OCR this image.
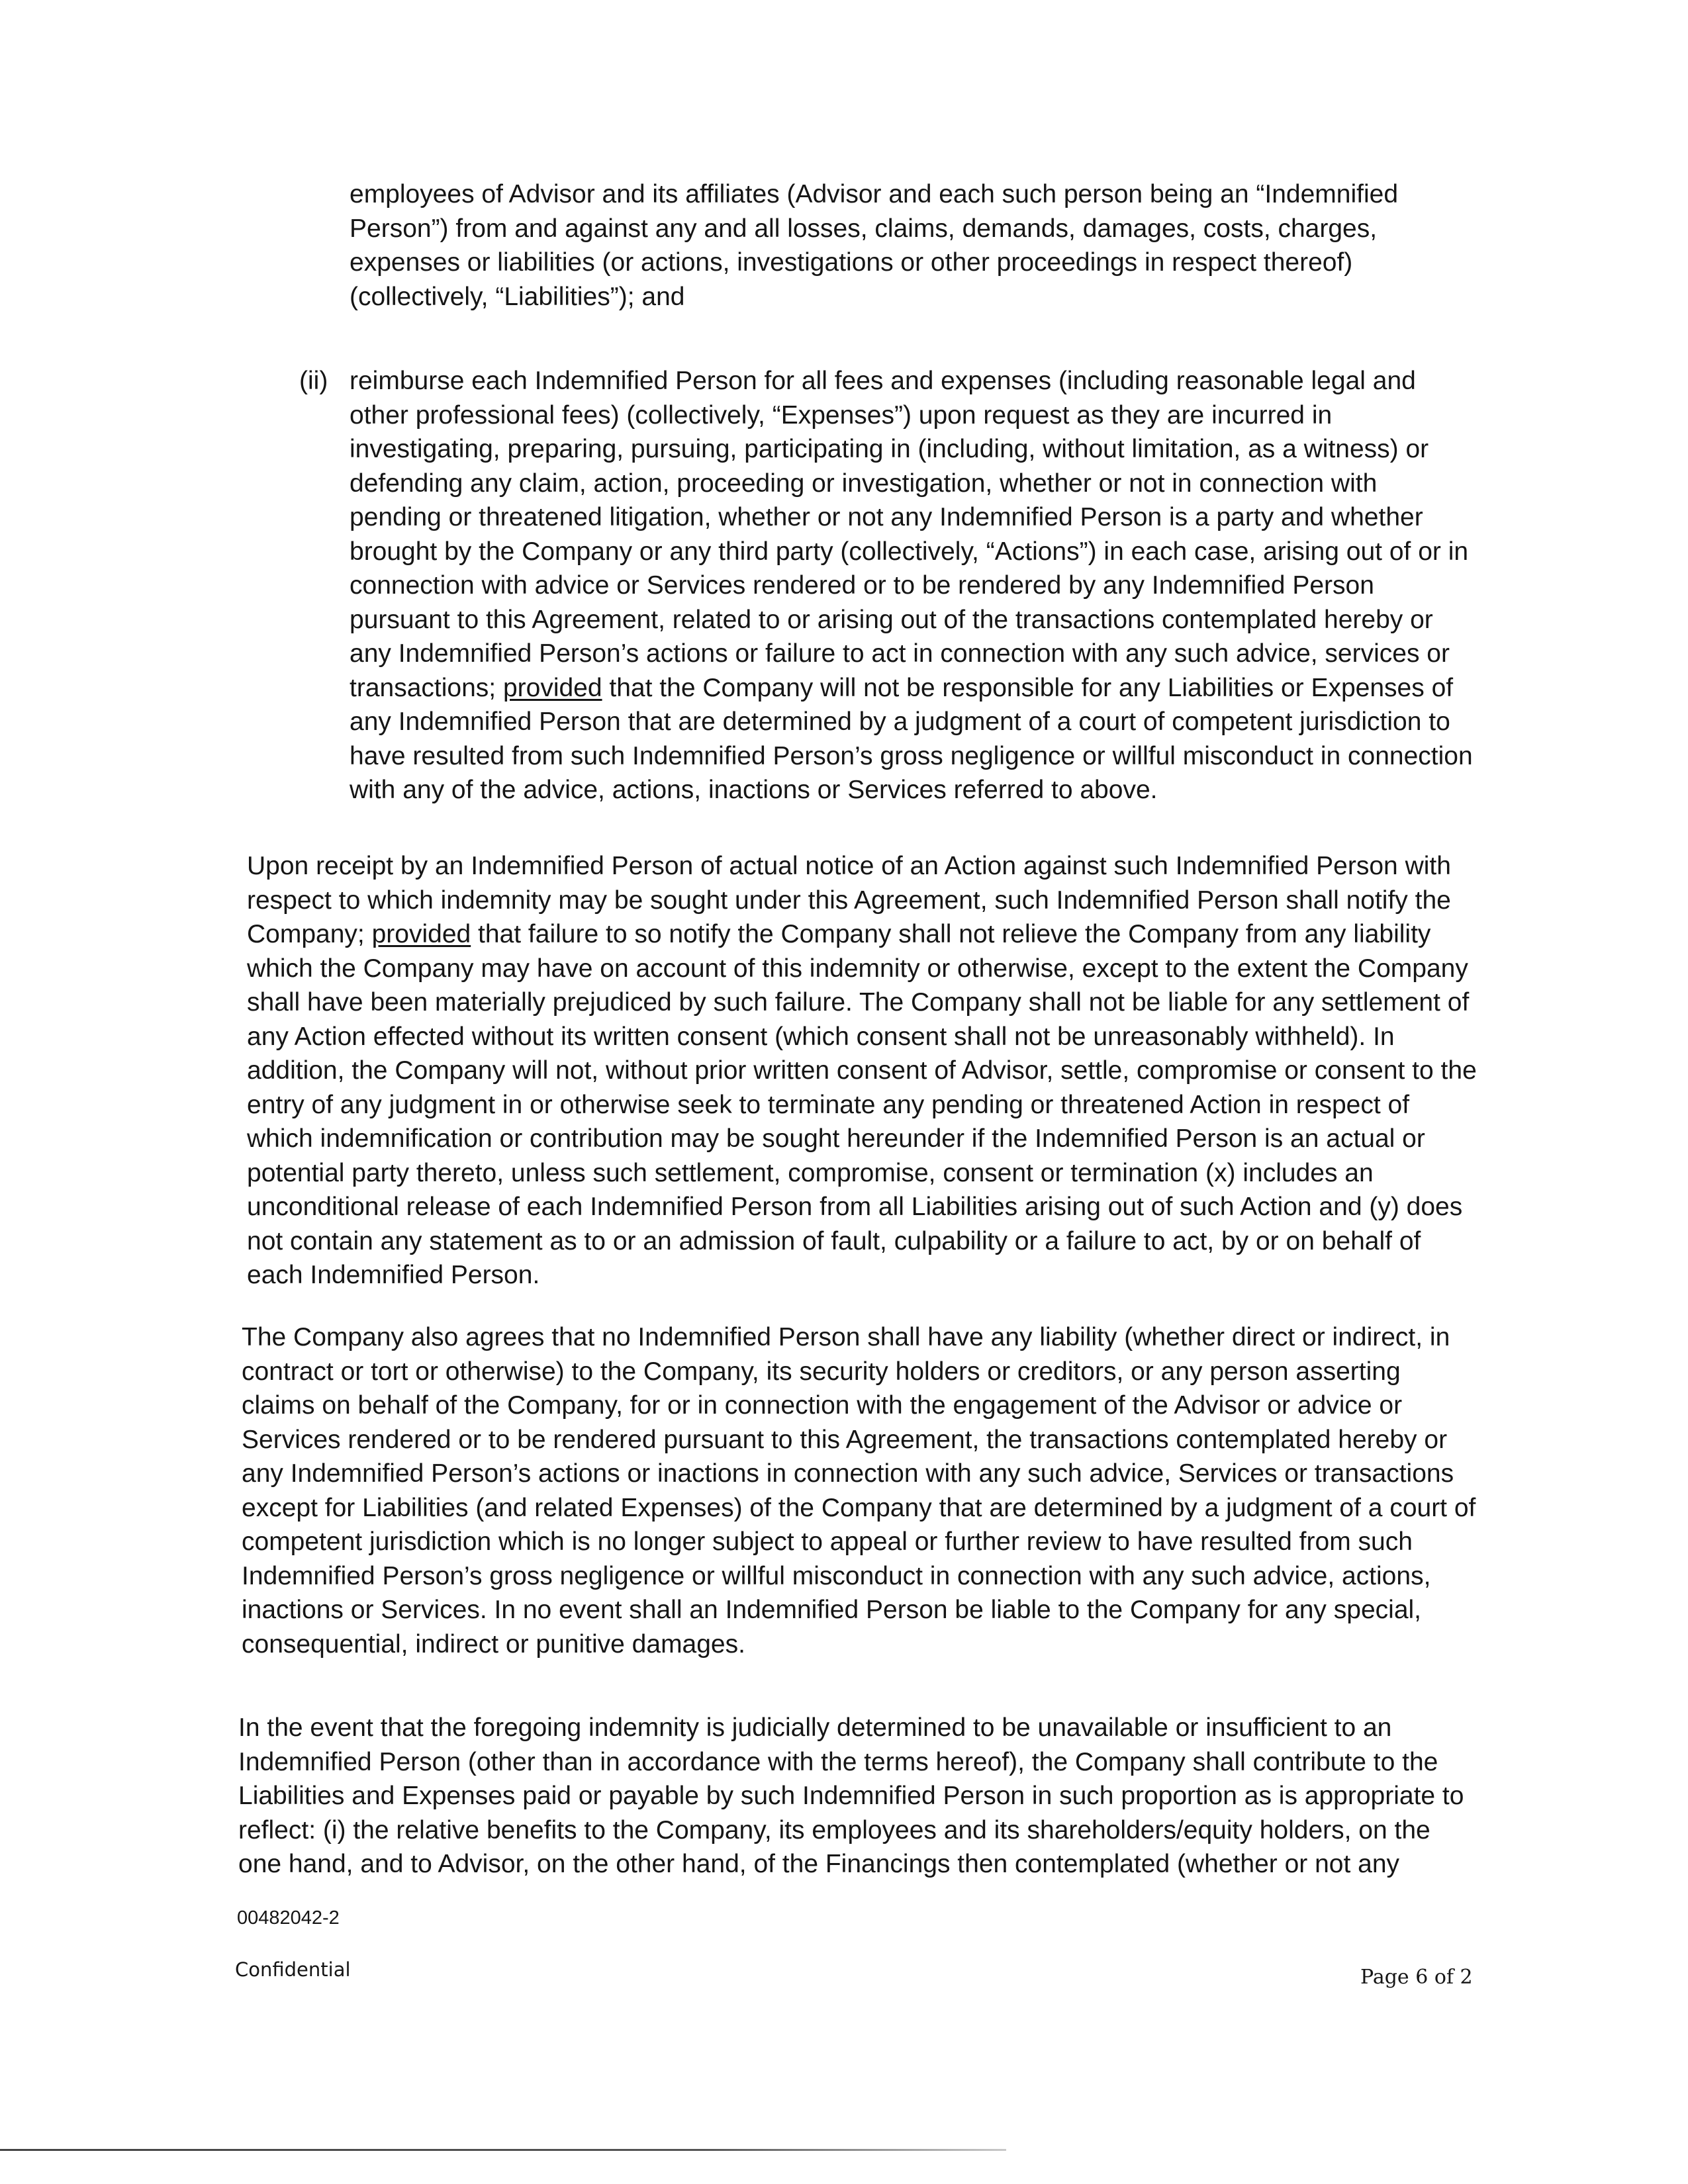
employees of Advisor and its affiliates (Advisor and each such person being an “Indemnified Person”) from and against any and all losses, claims, demands, damages, costs, charges, expenses or liabilities (or actions, investigations or other proceedings in respect thereof) (collectively, “Liabilities”); and

(ii) reimburse each Indemnified Person for all fees and expenses (including reasonable legal and other professional fees) (collectively, “Expenses”) upon request as they are incurred in investigating, preparing, pursuing, participating in (including, without limitation, as a witness) or defending any claim, action, proceeding or investigation, whether or not in connection with pending or threatened litigation, whether or not any Indemnified Person is a party and whether brought by the Company or any third party (collectively, “Actions”) in each case, arising out of or in connection with advice or Services rendered or to be rendered by any Indemnified Person pursuant to this Agreement, related to or arising out of the transactions contemplated hereby or any Indemnified Person’s actions or failure to act in connection with any such advice, services or transactions; provided that the Company will not be responsible for any Liabilities or Expenses of any Indemnified Person that are determined by a judgment of a court of competent jurisdiction to have resulted from such Indemnified Person’s gross negligence or willful misconduct in connection with any of the advice, actions, inactions or Services referred to above.

Upon receipt by an Indemnified Person of actual notice of an Action against such Indemnified Person with respect to which indemnity may be sought under this Agreement, such Indemnified Person shall notify the Company; provided that failure to so notify the Company shall not relieve the Company from any liability which the Company may have on account of this indemnity or otherwise, except to the extent the Company shall have been materially prejudiced by such failure. The Company shall not be liable for any settlement of any Action effected without its written consent (which consent shall not be unreasonably withheld). In addition, the Company will not, without prior written consent of Advisor, settle, compromise or consent to the entry of any judgment in or otherwise seek to terminate any pending or threatened Action in respect of which indemnification or contribution may be sought hereunder if the Indemnified Person is an actual or potential party thereto, unless such settlement, compromise, consent or termination (x) includes an unconditional release of each Indemnified Person from all Liabilities arising out of such Action and (y) does not contain any statement as to or an admission of fault, culpability or a failure to act, by or on behalf of each Indemnified Person.

The Company also agrees that no Indemnified Person shall have any liability (whether direct or indirect, in contract or tort or otherwise) to the Company, its security holders or creditors, or any person asserting claims on behalf of the Company, for or in connection with the engagement of the Advisor or advice or Services rendered or to be rendered pursuant to this Agreement, the transactions contemplated hereby or any Indemnified Person’s actions or inactions in connection with any such advice, Services or transactions except for Liabilities (and related Expenses) of the Company that are determined by a judgment of a court of competent jurisdiction which is no longer subject to appeal or further review to have resulted from such Indemnified Person’s gross negligence or willful misconduct in connection with any such advice, actions, inactions or Services. In no event shall an Indemnified Person be liable to the Company for any special, consequential, indirect or punitive damages.

In the event that the foregoing indemnity is judicially determined to be unavailable or insufficient to an Indemnified Person (other than in accordance with the terms hereof), the Company shall contribute to the Liabilities and Expenses paid or payable by such Indemnified Person in such proportion as is appropriate to reflect: (i) the relative benefits to the Company, its employees and its shareholders/equity holders, on the one hand, and to Advisor, on the other hand, of the Financings then contemplated (whether or not any

00482042-2
Confidential	Page 6 of 2
